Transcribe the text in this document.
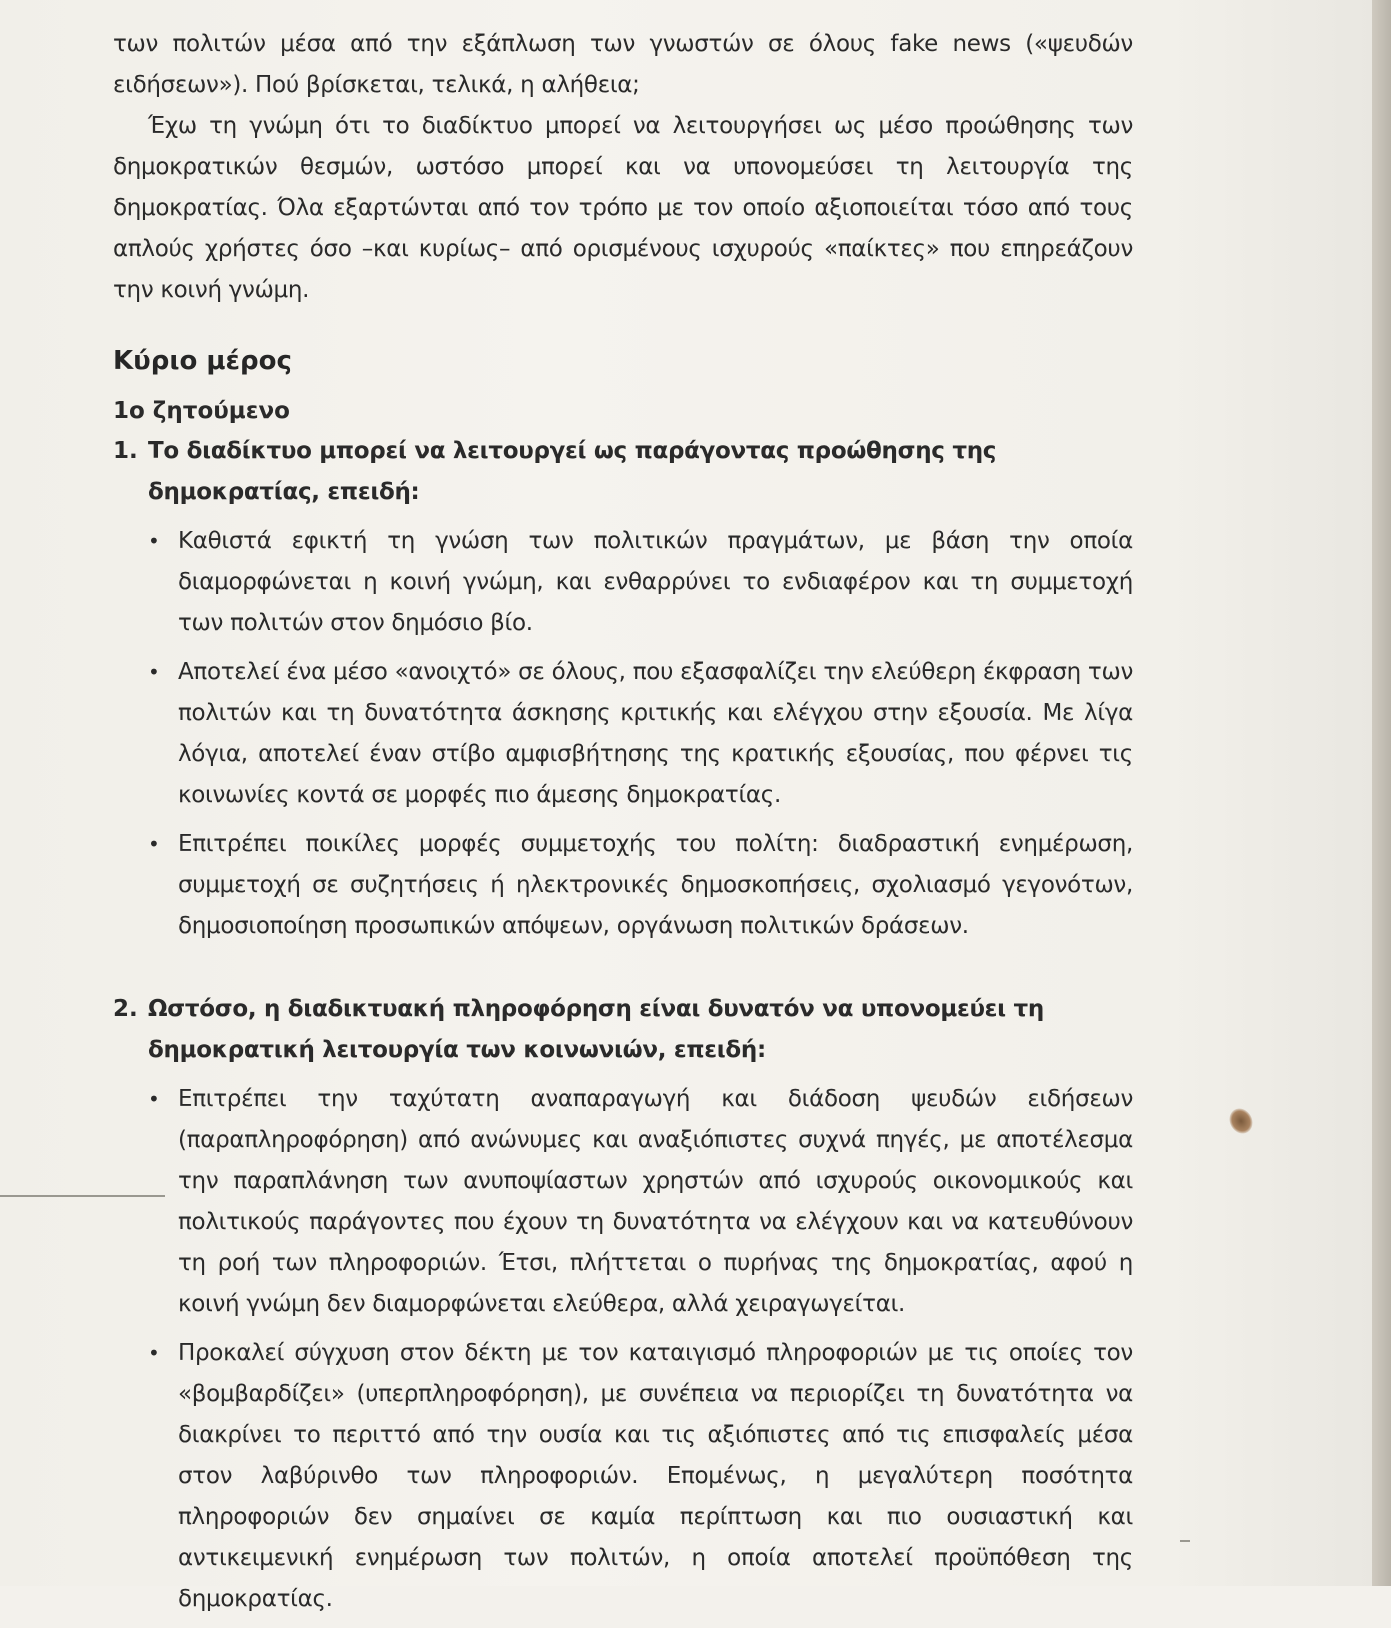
των πολιτών μέσα από την εξάπλωση των γνωστών σε όλους fake news («ψευδών ειδήσεων»). Πού βρίσκεται, τελικά, η αλήθεια;

Έχω τη γνώμη ότι το διαδίκτυο μπορεί να λειτουργήσει ως μέσο προώθησης των δημοκρατικών θεσμών, ωστόσο μπορεί και να υπονομεύσει τη λειτουργία της δημοκρατίας. Όλα εξαρτώνται από τον τρόπο με τον οποίο αξιοποιείται τόσο από τους απλούς χρήστες όσο –και κυρίως– από ορισμένους ισχυρούς «παίκτες» που επηρεάζουν την κοινή γνώμη.

Κύριο μέρος
1ο ζητούμενο
1. Το διαδίκτυο μπορεί να λειτουργεί ως παράγοντας προώθησης της δημοκρατίας, επειδή:

• Καθιστά εφικτή τη γνώση των πολιτικών πραγμάτων, με βάση την οποία διαμορφώνεται η κοινή γνώμη, και ενθαρρύνει το ενδιαφέρον και τη συμμετοχή των πολιτών στον δημόσιο βίο.
• Αποτελεί ένα μέσο «ανοιχτό» σε όλους, που εξασφαλίζει την ελεύθερη έκφραση των πολιτών και τη δυνατότητα άσκησης κριτικής και ελέγχου στην εξουσία. Με λίγα λόγια, αποτελεί έναν στίβο αμφισβήτησης της κρατικής εξουσίας, που φέρνει τις κοινωνίες κοντά σε μορφές πιο άμεσης δημοκρατίας.
• Επιτρέπει ποικίλες μορφές συμμετοχής του πολίτη: διαδραστική ενημέρωση, συμμετοχή σε συζητήσεις ή ηλεκτρονικές δημοσκοπήσεις, σχολιασμό γεγονότων, δημοσιοποίηση προσωπικών απόψεων, οργάνωση πολιτικών δράσεων.
2. Ωστόσο, η διαδικτυακή πληροφόρηση είναι δυνατόν να υπονομεύει τη δημοκρατική λειτουργία των κοινωνιών, επειδή:

• Επιτρέπει την ταχύτατη αναπαραγωγή και διάδοση ψευδών ειδήσεων (παραπληροφόρηση) από ανώνυμες και αναξιόπιστες συχνά πηγές, με αποτέλεσμα την παραπλάνηση των ανυποψίαστων χρηστών από ισχυρούς οικονομικούς και πολιτικούς παράγοντες που έχουν τη δυνατότητα να ελέγχουν και να κατευθύνουν τη ροή των πληροφοριών. Έτσι, πλήττεται ο πυρήνας της δημοκρατίας, αφού η κοινή γνώμη δεν διαμορφώνεται ελεύθερα, αλλά χειραγωγείται.
• Προκαλεί σύγχυση στον δέκτη με τον καταιγισμό πληροφοριών με τις οποίες τον «βομβαρδίζει» (υπερπληροφόρηση), με συνέπεια να περιορίζει τη δυνατότητα να διακρίνει το περιττό από την ουσία και τις αξιόπιστες από τις επισφαλείς μέσα στον λαβύρινθο των πληροφοριών. Επομένως, η μεγαλύτερη ποσότητα πληροφοριών δεν σημαίνει σε καμία περίπτωση και πιο ουσιαστική και αντικειμενική ενημέρωση των πολιτών, η οποία αποτελεί προϋπόθεση της δημοκρατίας.
